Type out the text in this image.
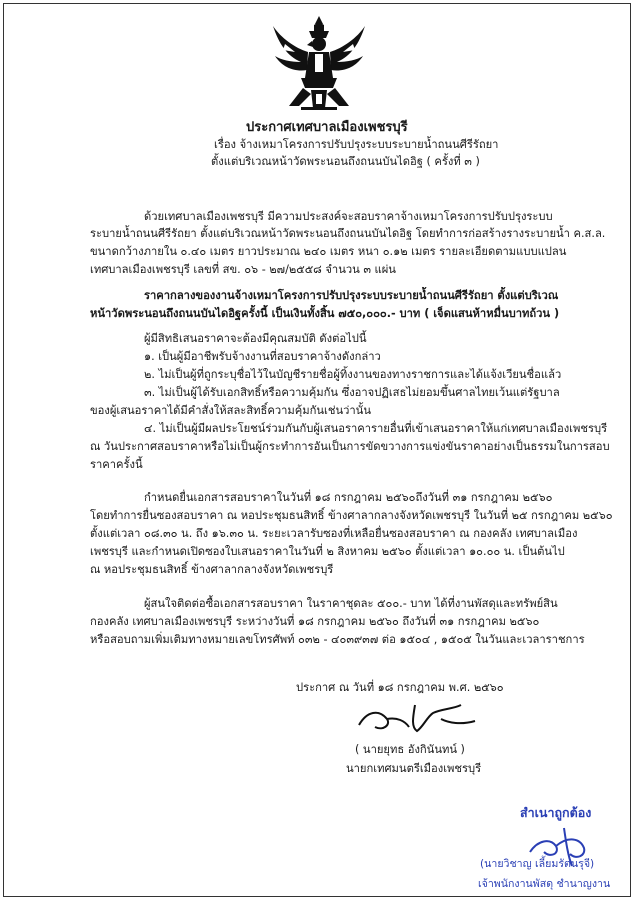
ประกาศเทศบาลเมืองเพชรบุรี
เรื่อง จ้างเหมาโครงการปรับปรุงระบบระบายน้ำถนนศีรีรัถยา
ตั้งแต่บริเวณหน้าวัดพระนอนถึงถนนบันไดอิฐ ( ครั้งที่ ๓ )
ด้วยเทศบาลเมืองเพชรบุรี มีความประสงค์จะสอบราคาจ้างเหมาโครงการปรับปรุงระบบ
ระบายน้ำถนนศีรีรัถยา ตั้งแต่บริเวณหน้าวัดพระนอนถึงถนนบันไดอิฐ โดยทำการก่อสร้างรางระบายน้ำ ค.ส.ล.
ขนาดกว้างภายใน ๐.๔๐ เมตร ยาวประมาณ ๒๔๐ เมตร หนา ๐.๑๒ เมตร รายละเอียดตามแบบแปลน
เทศบาลเมืองเพชรบุรี เลขที่ สข. ๐๖ - ๒๗/๒๕๕๘ จำนวน ๓ แผ่น
ราคากลางของงานจ้างเหมาโครงการปรับปรุงระบบระบายน้ำถนนศีรีรัถยา ตั้งแต่บริเวณ
หน้าวัดพระนอนถึงถนนบันไดอิฐครั้งนี้ เป็นเงินทั้งสิ้น ๗๕๐,๐๐๐.- บาท ( เจ็ดแสนห้าหมื่นบาทถ้วน )
ผู้มีสิทธิเสนอราคาจะต้องมีคุณสมบัติ ดังต่อไปนี้
๑. เป็นผู้มีอาชีพรับจ้างงานที่สอบราคาจ้างดังกล่าว
๒. ไม่เป็นผู้ที่ถูกระบุชื่อไว้ในบัญชีรายชื่อผู้ทิ้งงานของทางราชการและได้แจ้งเวียนชื่อแล้ว
๓. ไม่เป็นผู้ได้รับเอกสิทธิ์หรือความคุ้มกัน ซึ่งอาจปฏิเสธไม่ยอมขึ้นศาลไทยเว้นแต่รัฐบาล
ของผู้เสนอราคาได้มีคำสั่งให้สละสิทธิ์ความคุ้มกันเช่นว่านั้น
๔. ไม่เป็นผู้มีผลประโยชน์ร่วมกันกับผู้เสนอราคารายอื่นที่เข้าเสนอราคาให้แก่เทศบาลเมืองเพชรบุรี
ณ วันประกาศสอบราคาหรือไม่เป็นผู้กระทำการอันเป็นการขัดขวางการแข่งขันราคาอย่างเป็นธรรมในการสอบ
ราคาครั้งนี้
กำหนดยื่นเอกสารสอบราคาในวันที่ ๑๘ กรกฎาคม ๒๕๖๐ถึงวันที่ ๓๑ กรกฎาคม ๒๕๖๐
โดยทำการยื่นซองสอบราคา ณ หอประชุมธนสิทธิ์ ข้างศาลากลางจังหวัดเพชรบุรี ในวันที่ ๒๕ กรกฎาคม ๒๕๖๐
ตั้งแต่เวลา ๐๘.๓๐ น. ถึง ๑๖.๓๐ น. ระยะเวลารับซองที่เหลือยื่นซองสอบราคา ณ กองคลัง เทศบาลเมือง
เพชรบุรี และกำหนดเปิดซองใบเสนอราคาในวันที่ ๒ สิงหาคม ๒๕๖๐ ตั้งแต่เวลา ๑๐.๐๐ น. เป็นต้นไป
ณ หอประชุมธนสิทธิ์ ข้างศาลากลางจังหวัดเพชรบุรี
ผู้สนใจติดต่อซื้อเอกสารสอบราคา ในราคาชุดละ ๕๐๐.- บาท ได้ที่งานพัสดุและทรัพย์สิน
กองคลัง เทศบาลเมืองเพชรบุรี ระหว่างวันที่ ๑๘ กรกฎาคม ๒๕๖๐ ถึงวันที่ ๓๑ กรกฎาคม ๒๕๖๐
หรือสอบถามเพิ่มเติมทางหมายเลขโทรศัพท์ ๐๓๒ - ๔๐๓๙๓๗ ต่อ ๑๕๐๔ , ๑๕๐๕ ในวันและเวลาราชการ
ประกาศ ณ วันที่ ๑๘ กรกฎาคม พ.ศ. ๒๕๖๐
( นายยุทธ อังกินันทน์ )
นายกเทศมนตรีเมืองเพชรบุรี
สำเนาถูกต้อง
(นายวิชาญ เลี้ยมรัตนรุจี)
เจ้าพนักงานพัสดุ ชำนาญงาน
